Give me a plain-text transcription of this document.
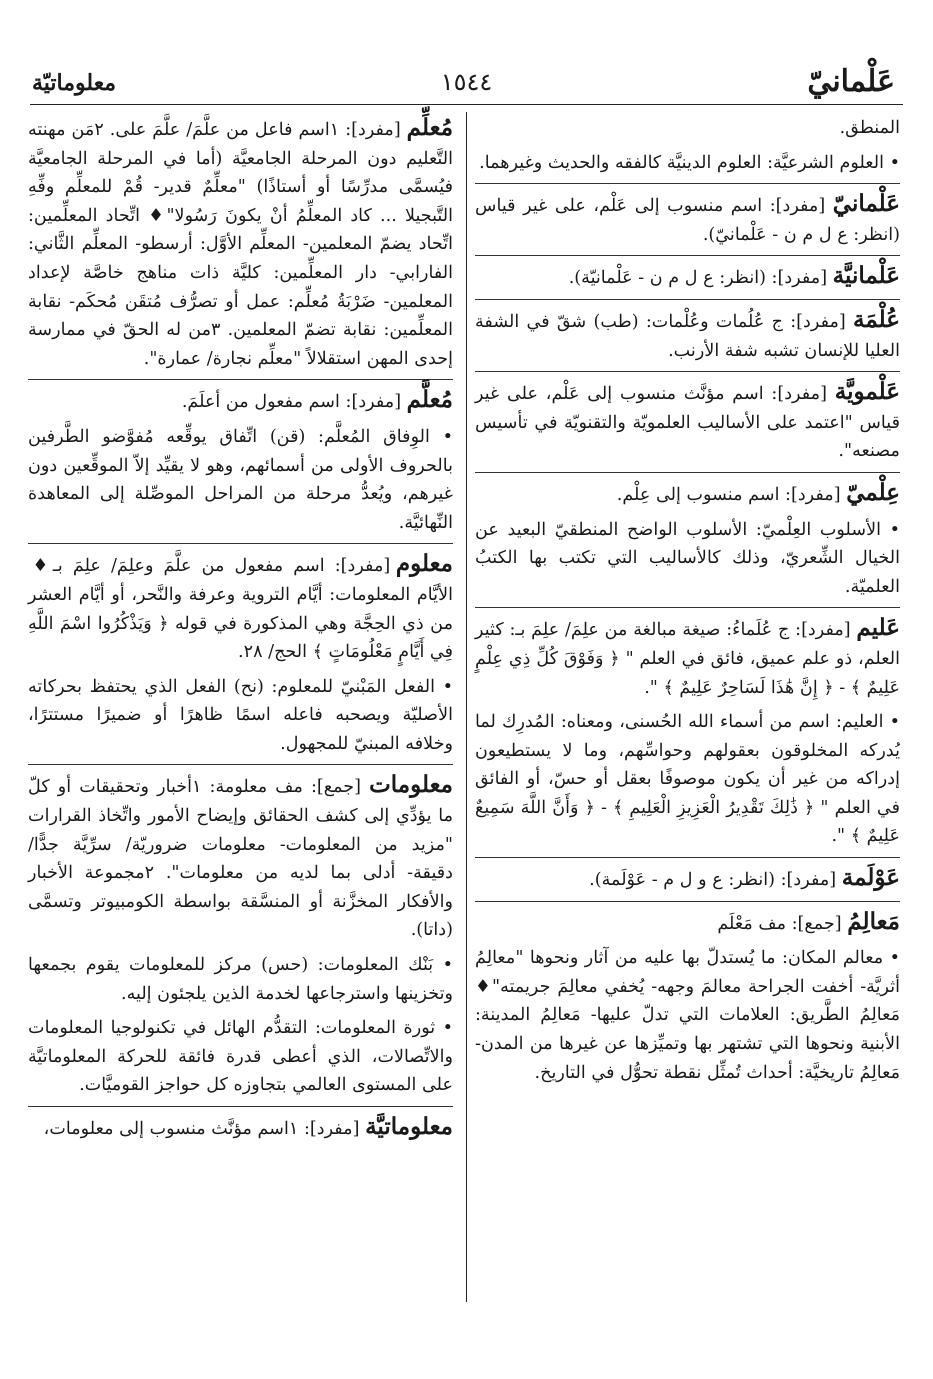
عَلْمانيّ
١٥٤٤
معلوماتيّة
المنطق.
• العلوم الشرعيَّة: العلوم الدينيَّة كالفقه والحديث وغيرهما.
عَلْمانيّ [مفرد]: اسم منسوب إلى عَلْم، على غير قياس (انظر: ع ل م ن - عَلْمانيّ).
عَلْمانيَّة [مفرد]: (انظر: ع ل م ن - عَلْمانيّة).
عُلْمَة [مفرد]: ج عُلُمات وعُلْمات: (طب) شقّ في الشفة العليا للإنسان تشبه شفة الأرنب.
عَلْمويَّة [مفرد]: اسم مؤنَّث منسوب إلى عَلْم، على غير قياس "اعتمد على الأساليب العلمويّة والتقنويّة في تأسيس مصنعه".
عِلْميّ [مفرد]: اسم منسوب إلى عِلْم.
• الأسلوب العِلْميّ: الأسلوب الواضح المنطقيّ البعيد عن الخيال الشِّعريّ، وذلك كالأساليب التي تكتب بها الكتبُ العلميّة.
عَليم [مفرد]: ج عُلَماءُ: صيغة مبالغة من علِمَ/ علِمَ بـ: كثير العلم، ذو علم عميق، فائق في العلم " ﴿ وَفَوْقَ كُلِّ ذِي عِلْمٍ عَلِيمٌ ﴾ - ﴿ إِنَّ هَٰذَا لَسَاحِرٌ عَلِيمٌ ﴾ ".
• العليم: اسم من أسماء الله الحُسنى، ومعناه: المُدرِك لما يُدركه المخلوقون بعقولهم وحواسِّهم، وما لا يستطيعون إدراكه من غير أن يكون موصوفًا بعقل أو حسّ، أو الفائق في العلم " ﴿ ذَٰلِكَ تَقْدِيرُ الْعَزِيزِ الْعَلِيمِ ﴾ - ﴿ وَأَنَّ اللَّهَ سَمِيعٌ عَلِيمٌ ﴾ ".
عَوْلَمة [مفرد]: (انظر: ع و ل م - عَوْلَمة).
مَعالِمُ [جمع]: مف مَعْلَم
• معالم المكان: ما يُستدلّ بها عليه من آثار ونحوها "معالِمُ أثريَّة- أخفت الجراحة معالمَ وجهه- يُخفي معالِمَ جريمته"♦ مَعالِمُ الطَّريق: العلامات التي تدلّ عليها- مَعالِمُ المدينة: الأبنية ونحوها التي تشتهر بها وتميِّزها عن غيرها من المدن- مَعالِمُ تاريخيَّة: أحداث تُمثِّل نقطة تحوُّل في التاريخ.
مُعلِّم [مفرد]: ١اسم فاعل من علَّمَ/ علَّمَ على. ٢مَن مهنته التَّعليم دون المرحلة الجامعيَّة (أما في المرحلة الجامعيَّة فيُسمَّى مدرِّسًا أو أستاذًا) "معلِّمٌ قدير- قُمْ للمعلِّم وفِّهِ التَّبجيلا ... كاد المعلِّمُ أنْ يكونَ رَسُولا"♦ اتِّحاد المعلِّمين: اتِّحاد يضمّ المعلمين- المعلِّم الأوَّل: أرسطو- المعلِّم الثَّاني: الفارابي- دار المعلِّمين: كليَّة ذات مناهج خاصَّة لإعداد المعلمين- ضَرْبَةُ مُعلِّم: عمل أو تصرُّف مُتقَن مُحكَم- نقابة المعلِّمين: نقابة تضمّ المعلمين. ٣من له الحقّ في ممارسة إحدى المهن استقلالاً "معلِّم نجارة/ عمارة".
مُعلَّم [مفرد]: اسم مفعول من أعلَمَ.
• الوِفاق المُعلَّم: (قن) اتِّفاق يوقِّعه مُفوَّضو الطَّرفين بالحروف الأولى من أسمائهم، وهو لا يقيِّد إلاّ الموقِّعين دون غيرهم، ويُعدُّ مرحلة من المراحل الموصِّلة إلى المعاهدة النِّهائيَّة.
معلوم [مفرد]: اسم مفعول من علَّمَ وعلِمَ/ علِمَ بـ♦ الأيَّام المعلومات: أيَّام التروية وعرفة والنَّحر، أو أيَّام العشر من ذي الحِجَّة وهي المذكورة في قوله ﴿ وَيَذْكُرُوا اسْمَ اللَّهِ فِي أَيَّامٍ مَعْلُومَاتٍ ﴾ الحج/ ٢٨.
• الفعل المَبْنيّ للمعلوم: (نح) الفعل الذي يحتفظ بحركاته الأصليّة ويصحبه فاعله اسمًا ظاهرًا أو ضميرًا مستترًا، وخلافه المبنيّ للمجهول.
معلومات [جمع]: مف معلومة: ١أخبار وتحقيقات أو كلّ ما يؤدِّي إلى كشف الحقائق وإيضاح الأمور واتِّخاذ القرارات "مزيد من المعلومات- معلومات ضروريّة/ سرِّيَّة جدًّا/ دقيقة- أدلى بما لديه من معلومات". ٢مجموعة الأخبار والأفكار المخزَّنة أو المنسَّقة بواسطة الكومبيوتر وتسمَّى (داتا).
• بَنْك المعلومات: (حس) مركز للمعلومات يقوم بجمعها وتخزينها واسترجاعها لخدمة الذين يلجئون إليه.
• ثورة المعلومات: التقدُّم الهائل في تكنولوجيا المعلومات والاتِّصالات، الذي أعطى قدرة فائقة للحركة المعلوماتيَّة على المستوى العالمي بتجاوزه كل حواجز القوميَّات.
معلوماتيَّة [مفرد]: ١اسم مؤنَّث منسوب إلى معلومات،
